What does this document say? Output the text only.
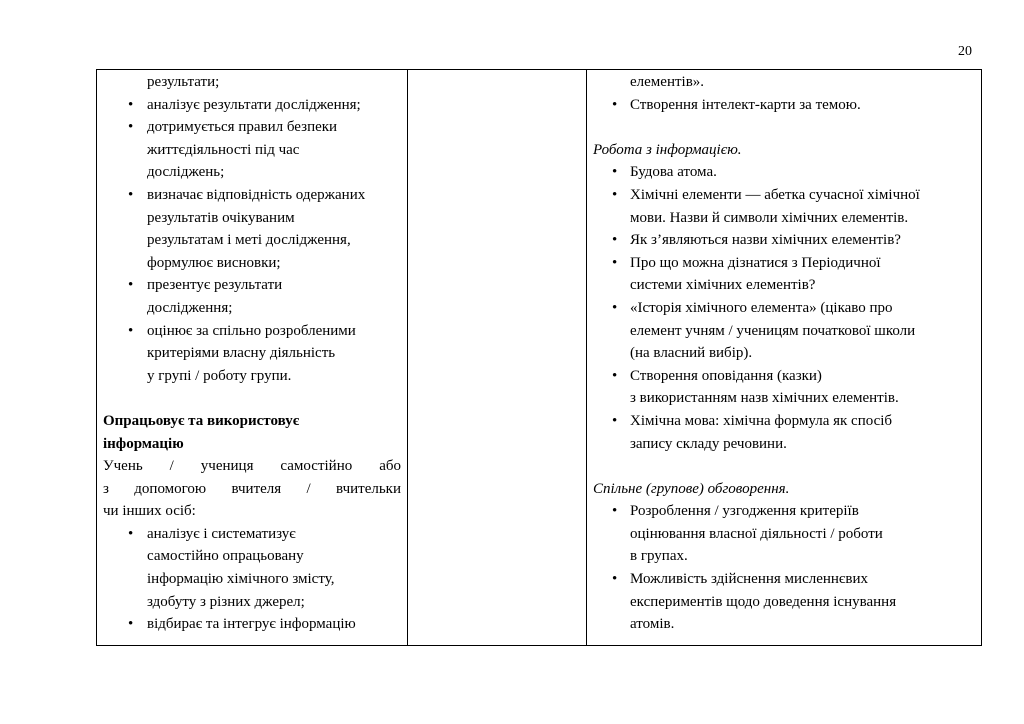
20
результати;
• аналізує результати дослідження;
• дотримується правил безпеки
життєдіяльності під час
досліджень;
• визначає відповідність одержаних
результатів очікуваним
результатам і меті дослідження,
формулює висновки;
• презентує результати
дослідження;
• оцінює за спільно розробленими
критеріями власну діяльність
у групі / роботу групи.
Опрацьовує та використовує
інформацію
Учень / учениця самостійно або
з допомогою вчителя / вчительки
чи інших осіб:
• аналізує і систематизує
самостійно опрацьовану
інформацію хімічного змісту,
здобуту з різних джерел;
• відбирає та інтегрує інформацію

елементів».
• Створення інтелект-карти за темою.
Робота з інформацією.
• Будова атома.
• Хімічні елементи — абетка сучасної хімічної
мови. Назви й символи хімічних елементів.
• Як з’являються назви хімічних елементів?
• Про що можна дізнатися з Періодичної
системи хімічних елементів?
• «Історія хімічного елемента» (цікаво про
елемент учням / ученицям початкової школи
(на власний вибір).
• Створення оповідання (казки)
з використанням назв хімічних елементів.
• Хімічна мова: хімічна формула як спосіб
запису складу речовини.
Спільне (групове) обговорення.
• Розроблення / узгодження критеріїв
оцінювання власної діяльності / роботи
в групах.
• Можливість здійснення мисленнєвих
експериментів щодо доведення існування
атомів.
